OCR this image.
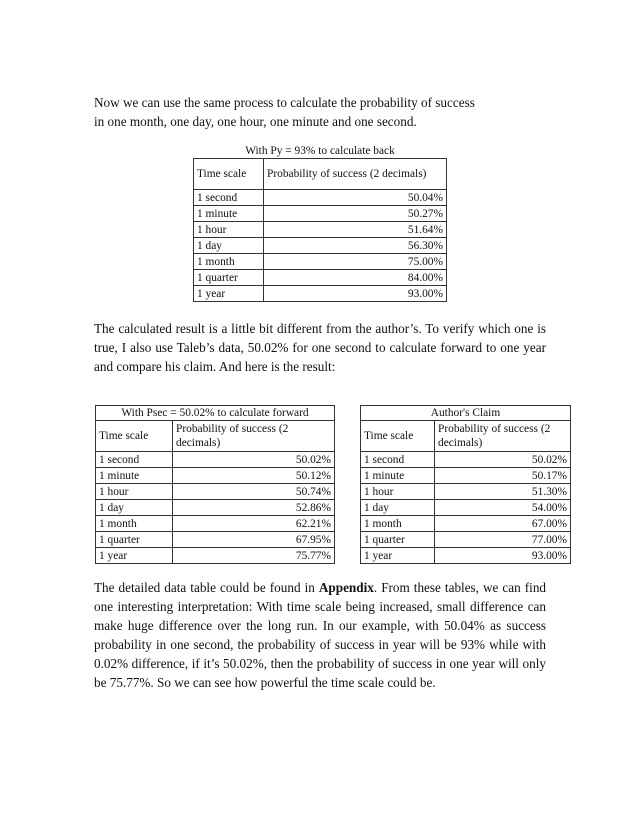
Now we can use the same process to calculate the probability of success
in one month, one day, one hour, one minute and one second.

With Py = 93% to calculate back	
Time scale	Probability of success (2 decimals)
1 second	50.04%
1 minute	50.27%
1 hour	51.64%
1 day	56.30%
1 month	75.00%
1 quarter	84.00%
1 year	93.00%

The calculated result is a little bit different from the author’s. To verify which one is true, I also use Taleb’s data, 50.02% for one second to calculate forward to one year and compare his claim. And here is the result:

With Psec = 50.02% to calculate forward	
Time scale	Probability of success (2 decimals)
1 second	50.02%
1 minute	50.12%
1 hour	50.74%
1 day	52.86%
1 month	62.21%
1 quarter	67.95%
1 year	75.77%
Author's Claim	
Time scale	Probability of success (2 decimals)
1 second	50.02%
1 minute	50.17%
1 hour	51.30%
1 day	54.00%
1 month	67.00%
1 quarter	77.00%
1 year	93.00%

The detailed data table could be found in Appendix. From these tables, we can find one interesting interpretation: With time scale being increased, small difference can make huge difference over the long run. In our example, with 50.04% as success probability in one second, the probability of success in year will be 93% while with 0.02% difference, if it’s 50.02%, then the probability of success in one year will only be 75.77%. So we can see how powerful the time scale could be.
